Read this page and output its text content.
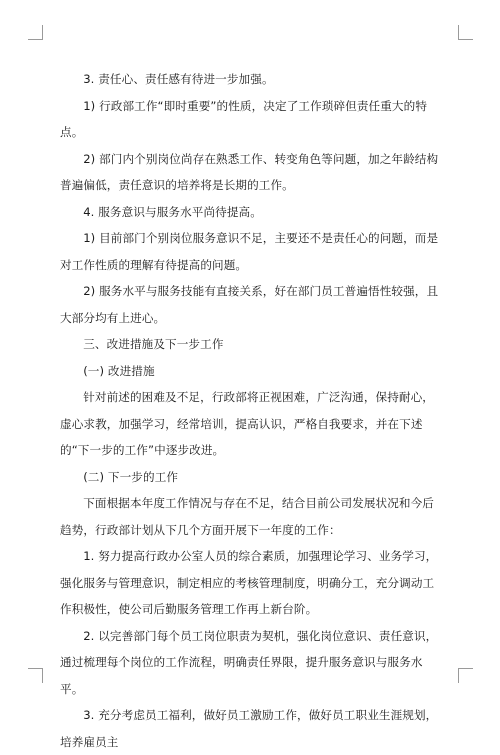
3. 责任心、责任感有待进一步加强。

1) 行政部工作“即时重要”的性质，决定了工作琐碎但责任重大的特点。

2) 部门内个别岗位尚存在熟悉工作、转变角色等问题，加之年龄结构普遍偏低，责任意识的培养将是长期的工作。

4. 服务意识与服务水平尚待提高。

1) 目前部门个别岗位服务意识不足，主要还不是责任心的问题，而是对工作性质的理解有待提高的问题。

2) 服务水平与服务技能有直接关系，好在部门员工普遍悟性较强，且大部分均有上进心。

三、改进措施及下一步工作

(一) 改进措施

针对前述的困难及不足，行政部将正视困难，广泛沟通，保持耐心，虚心求教，加强学习，经常培训，提高认识，严格自我要求，并在下述的“下一步的工作”中逐步改进。

(二) 下一步的工作

下面根据本年度工作情况与存在不足，结合目前公司发展状况和今后趋势，行政部计划从下几个方面开展下一年度的工作：

1. 努力提高行政办公室人员的综合素质，加强理论学习、业务学习，强化服务与管理意识，制定相应的考核管理制度，明确分工，充分调动工作积极性，使公司后勤服务管理工作再上新台阶。

2. 以完善部门每个员工岗位职责为契机，强化岗位意识、责任意识，通过梳理每个岗位的工作流程，明确责任界限，提升服务意识与服务水平。

3. 充分考虑员工福利，做好员工激励工作，做好员工职业生涯规划，培养雇员主
